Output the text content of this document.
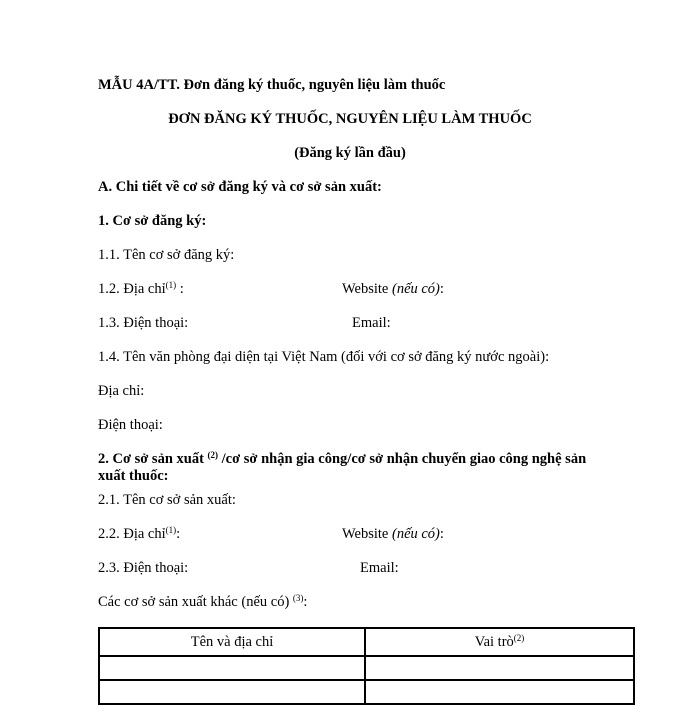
MẪU 4A/TT. Đơn đăng ký thuốc, nguyên liệu làm thuốc
ĐƠN ĐĂNG KÝ THUỐC, NGUYÊN LIỆU LÀM THUỐC
(Đăng ký lần đầu)
A. Chi tiết về cơ sở đăng ký và cơ sở sản xuất:
1. Cơ sở đăng ký:
1.1. Tên cơ sở đăng ký:
1.2. Địa chỉ$^{(1)}$ :	Website (nếu có):
1.3. Điện thoại:	Email:
1.4. Tên văn phòng đại diện tại Việt Nam (đối với cơ sở đăng ký nước ngoài):
Địa chỉ:
Điện thoại:
2. Cơ sở sản xuất $^{(2)}$ /cơ sở nhận gia công/cơ sở nhận chuyển giao công nghệ sản
xuất thuốc:
2.1. Tên cơ sở sản xuất:
2.2. Địa chỉ$^{(1)}$:	Website (nếu có):
2.3. Điện thoại:	Email:
Các cơ sở sản xuất khác (nếu có) $^{(3)}$:
Tên và địa chỉ	Vai trò$^{(2)}$
